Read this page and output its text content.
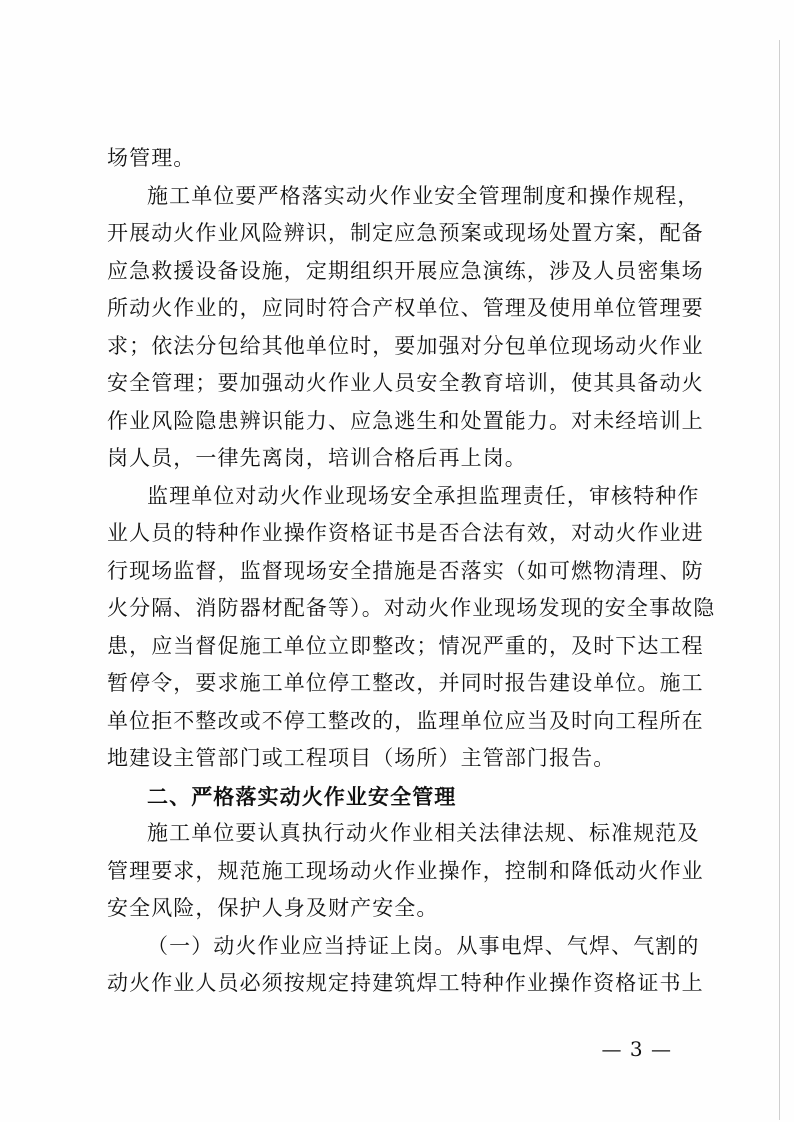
场管理。
施工单位要严格落实动火作业安全管理制度和操作规程，
开展动火作业风险辨识，制定应急预案或现场处置方案，配备
应急救援设备设施，定期组织开展应急演练，涉及人员密集场
所动火作业的，应同时符合产权单位、管理及使用单位管理要
求；依法分包给其他单位时，要加强对分包单位现场动火作业
安全管理；要加强动火作业人员安全教育培训，使其具备动火
作业风险隐患辨识能力、应急逃生和处置能力。对未经培训上
岗人员，一律先离岗，培训合格后再上岗。
监理单位对动火作业现场安全承担监理责任，审核特种作
业人员的特种作业操作资格证书是否合法有效，对动火作业进
行现场监督，监督现场安全措施是否落实（如可燃物清理、防
火分隔、消防器材配备等）。对动火作业现场发现的安全事故隐
患，应当督促施工单位立即整改；情况严重的，及时下达工程
暂停令，要求施工单位停工整改，并同时报告建设单位。施工
单位拒不整改或不停工整改的，监理单位应当及时向工程所在
地建设主管部门或工程项目（场所）主管部门报告。
二、严格落实动火作业安全管理
施工单位要认真执行动火作业相关法律法规、标准规范及
管理要求，规范施工现场动火作业操作，控制和降低动火作业
安全风险，保护人身及财产安全。
（一）动火作业应当持证上岗。从事电焊、气焊、气割的
动火作业人员必须按规定持建筑焊工特种作业操作资格证书上
— 3 —
